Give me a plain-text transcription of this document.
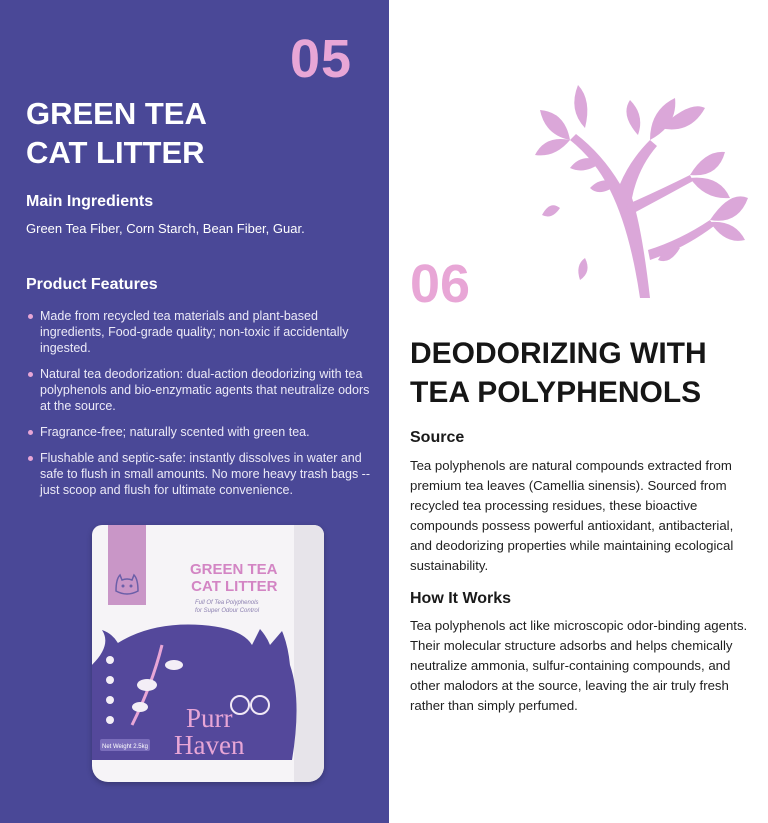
05
GREEN TEA
CAT LITTER
Main Ingredients

Green Tea Fiber, Corn Starch, Bean Fiber, Guar.

Product Features
Made from recycled tea materials and plant-based ingredients, Food-grade quality; non-toxic if accidentally ingested.
Natural tea deodorization: dual-action deodorizing with tea polyphenols and bio-enzymatic agents that neutralize odors at the source.
Fragrance-free; naturally scented with green tea.
Flushable and septic-safe: instantly dissolves in water and safe to flush in small amounts. No more heavy trash bags -- just scoop and flush for ultimate convenience.

GREEN TEA
CAT LITTER

Full Of Tea Polyphenols
for Super Odour Control

Net Weight 2.5kg

Purr
Haven

06
DEODORIZING WITH
TEA POLYPHENOLS
Source

Tea polyphenols are natural compounds extracted from premium tea leaves (Camellia sinensis). Sourced from recycled tea processing residues, these bioactive compounds possess powerful antioxidant, antibacterial, and deodorizing properties while maintaining ecological sustainability.

How It Works

Tea polyphenols act like microscopic odor-binding agents. Their molecular structure adsorbs and helps chemically neutralize ammonia, sulfur-containing compounds, and other malodors at the source, leaving the air truly fresh rather than simply perfumed.
